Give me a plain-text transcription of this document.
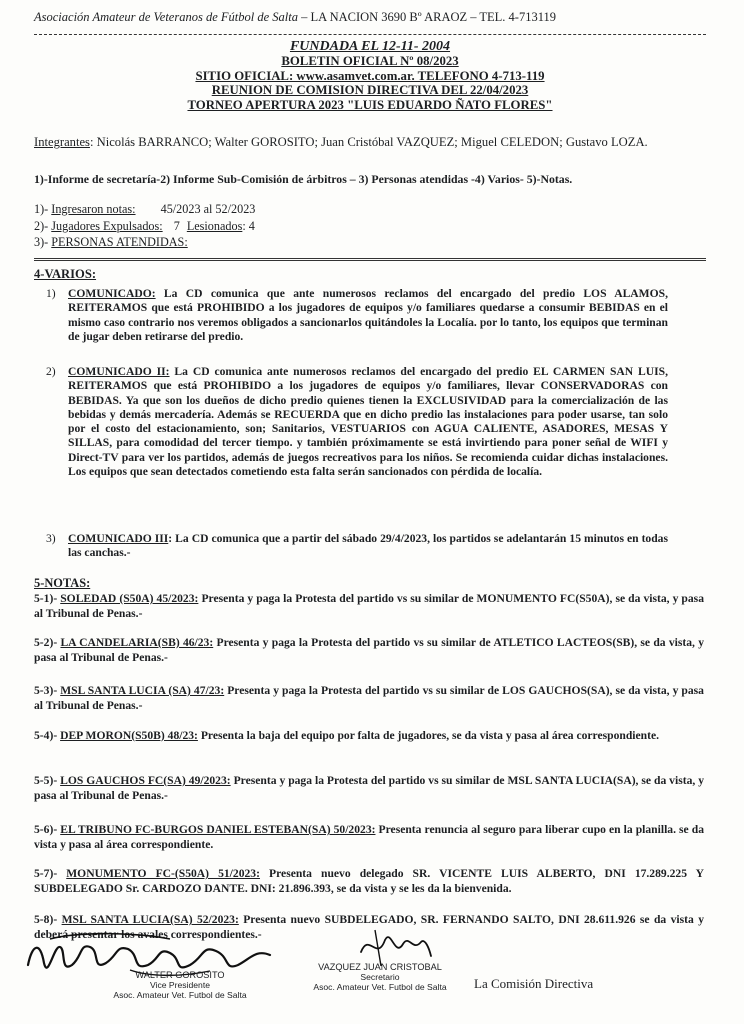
Asociación Amateur de Veteranos de Fútbol de Salta – LA NACION 3690 Bº ARAOZ – TEL. 4-713119
FUNDADA EL 12-11- 2004
BOLETIN OFICIAL Nº 08/2023
SITIO OFICIAL: www.asamvet.com.ar. TELEFONO 4-713-119
REUNION DE COMISION DIRECTIVA DEL 22/04/2023
TORNEO APERTURA 2023 "LUIS EDUARDO ÑATO FLORES"
Integrantes: Nicolás BARRANCO; Walter GOROSITO; Juan Cristóbal VAZQUEZ; Miguel CELEDON; Gustavo LOZA.
1)-Informe de secretaría-2) Informe Sub-Comisión de árbitros – 3) Personas atendidas -4) Varios- 5)-Notas.
1)- Ingresaron notas: 45/2023 al 52/2023
2)- Jugadores Expulsados: 7 Lesionados: 4
3)- PERSONAS ATENDIDAS:
4-VARIOS:
1) COMUNICADO: La CD comunica que ante numerosos reclamos del encargado del predio LOS ALAMOS, REITERAMOS que está PROHIBIDO a los jugadores de equipos y/o familiares quedarse a consumir BEBIDAS en el mismo caso contrario nos veremos obligados a sancionarlos quitándoles la Localía. por lo tanto, los equipos que terminan de jugar deben retirarse del predio.
2) COMUNICADO II: La CD comunica ante numerosos reclamos del encargado del predio EL CARMEN SAN LUIS, REITERAMOS que está PROHIBIDO a los jugadores de equipos y/o familiares, llevar CONSERVADORAS con BEBIDAS. Ya que son los dueños de dicho predio quienes tienen la EXCLUSIVIDAD para la comercialización de las bebidas y demás mercadería. Además se RECUERDA que en dicho predio las instalaciones para poder usarse, tan solo por el costo del estacionamiento, son; Sanitarios, VESTUARIOS con AGUA CALIENTE, ASADORES, MESAS Y SILLAS, para comodidad del tercer tiempo. y también próximamente se está invirtiendo para poner señal de WIFI y Direct-TV para ver los partidos, además de juegos recreativos para los niños. Se recomienda cuidar dichas instalaciones. Los equipos que sean detectados cometiendo esta falta serán sancionados con pérdida de localía.
3) COMUNICADO III: La CD comunica que a partir del sábado 29/4/2023, los partidos se adelantarán 15 minutos en todas las canchas.-
5-NOTAS:
5-1)- SOLEDAD (S50A) 45/2023: Presenta y paga la Protesta del partido vs su similar de MONUMENTO FC(S50A), se da vista, y pasa al Tribunal de Penas.-
5-2)- LA CANDELARIA(SB) 46/23: Presenta y paga la Protesta del partido vs su similar de ATLETICO LACTEOS(SB), se da vista, y pasa al Tribunal de Penas.-
5-3)- MSL SANTA LUCIA (SA) 47/23: Presenta y paga la Protesta del partido vs su similar de LOS GAUCHOS(SA), se da vista, y pasa al Tribunal de Penas.-
5-4)- DEP MORON(S50B) 48/23: Presenta la baja del equipo por falta de jugadores, se da vista y pasa al área correspondiente.
5-5)- LOS GAUCHOS FC(SA) 49/2023: Presenta y paga la Protesta del partido vs su similar de MSL SANTA LUCIA(SA), se da vista, y pasa al Tribunal de Penas.-
5-6)- EL TRIBUNO FC-BURGOS DANIEL ESTEBAN(SA) 50/2023: Presenta renuncia al seguro para liberar cupo en la planilla. se da vista y pasa al área correspondiente.
5-7)- MONUMENTO FC-(S50A) 51/2023: Presenta nuevo delegado SR. VICENTE LUIS ALBERTO, DNI 17.289.225 Y SUBDELEGADO Sr. CARDOZO DANTE. DNI: 21.896.393, se da vista y se les da la bienvenida.
5-8)- MSL SANTA LUCIA(SA) 52/2023: Presenta nuevo SUBDELEGADO, SR. FERNANDO SALTO, DNI 28.611.926 se da vista y deberá presentar los avales correspondientes.-
WALTER GOROSITO
Vice Presidente
Asoc. Amateur Vet. Futbol de Salta
VAZQUEZ JUAN CRISTOBAL
Secretario
Asoc. Amateur Vet. Futbol de Salta	La Comisión Directiva
